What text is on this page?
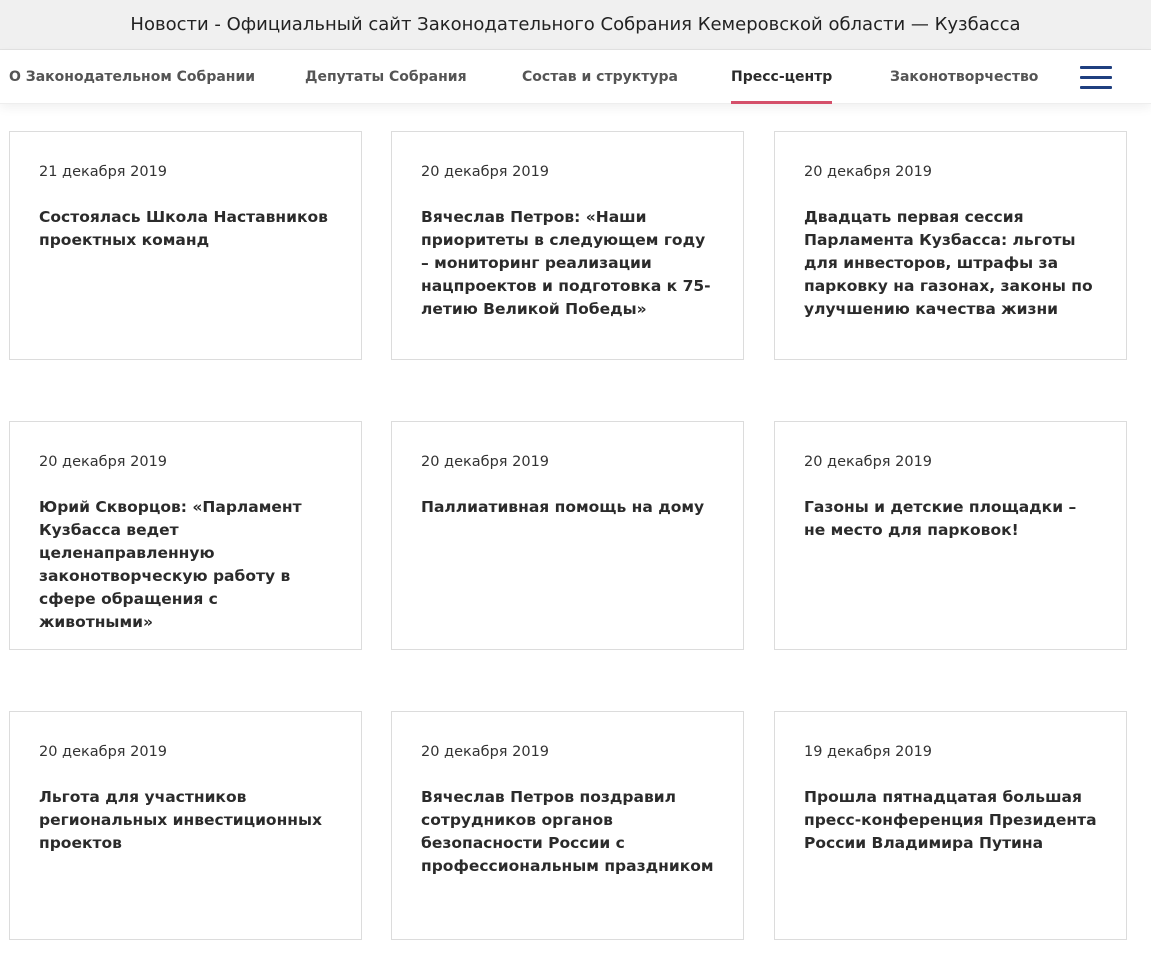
Новости - Официальный сайт Законодательного Собрания Кемеровской области — Кузбасса
О Законодательном Собрании	Депутаты Собрания	Состав и структура	Пресс-центр	Законотворчество
21 декабря 2019
Состоялась Школа Наставников проектных команд
20 декабря 2019
Вячеслав Петров: «Наши приоритеты в следующем году – мониторинг реализации нацпроектов и подготовка к 75-летию Великой Победы»
20 декабря 2019
Двадцать первая сессия Парламента Кузбасса: льготы для инвесторов, штрафы за парковку на газонах, законы по улучшению качества жизни
20 декабря 2019
Юрий Скворцов: «Парламент Кузбасса ведет целенаправленную законотворческую работу в сфере обращения с животными»
20 декабря 2019
Паллиативная помощь на дому
20 декабря 2019
Газоны и детские площадки – не место для парковок!
20 декабря 2019
Льгота для участников региональных инвестиционных проектов
20 декабря 2019
Вячеслав Петров поздравил сотрудников органов безопасности России с профессиональным праздником
19 декабря 2019
Прошла пятнадцатая большая пресс-конференция Президента России Владимира Путина
